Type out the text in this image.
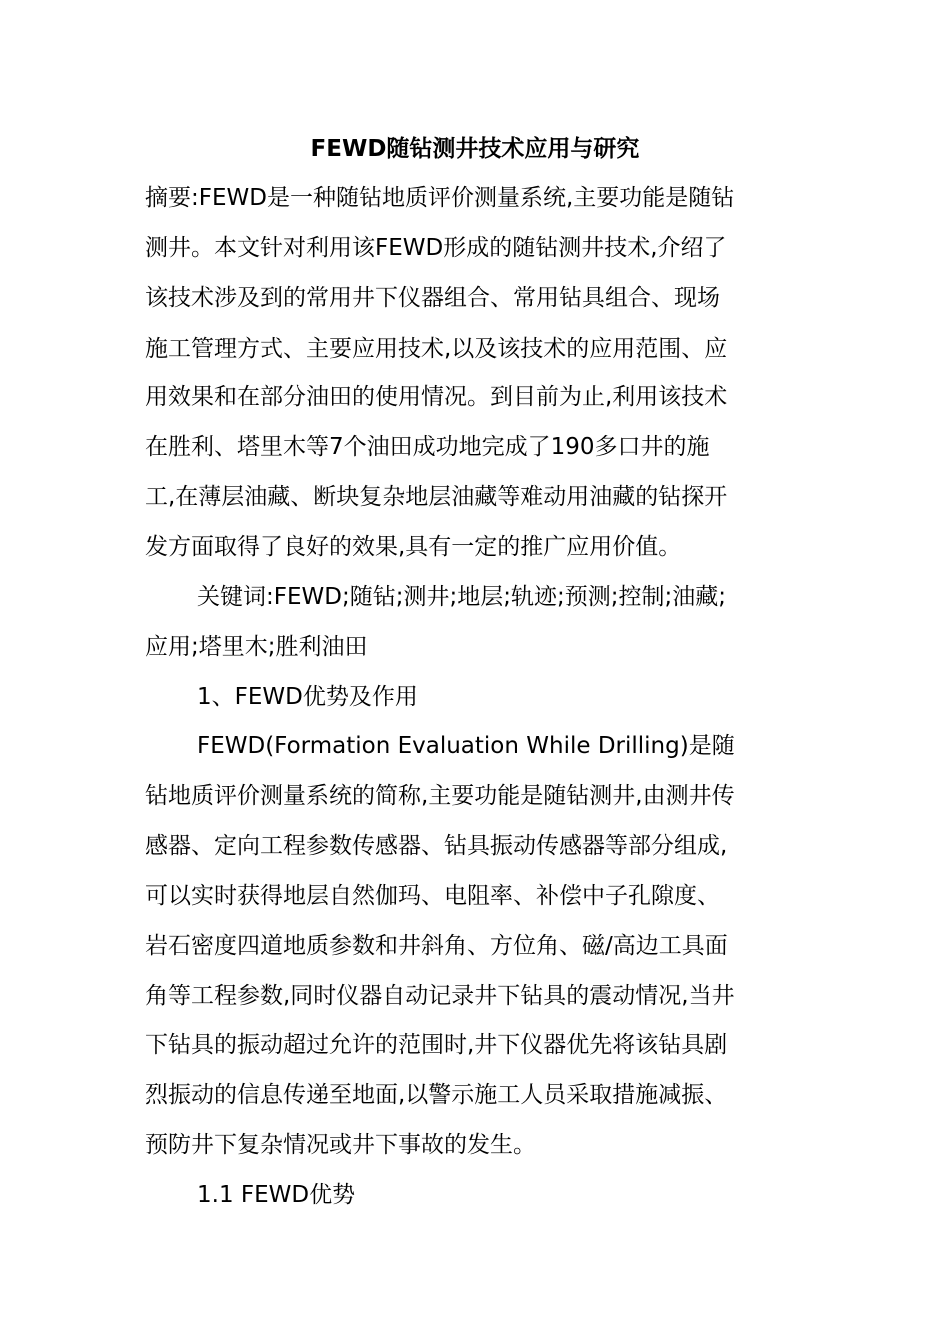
FEWD随钻测井技术应用与研究
摘要:FEWD是一种随钻地质评价测量系统,主要功能是随钻
测井。本文针对利用该FEWD形成的随钻测井技术,介绍了
该技术涉及到的常用井下仪器组合、常用钻具组合、现场
施工管理方式、主要应用技术,以及该技术的应用范围、应
用效果和在部分油田的使用情况。到目前为止,利用该技术
在胜利、塔里木等7个油田成功地完成了190多口井的施
工,在薄层油藏、断块复杂地层油藏等难动用油藏的钻探开
发方面取得了良好的效果,具有一定的推广应用价值。
关键词:FEWD;随钻;测井;地层;轨迹;预测;控制;油藏;
应用;塔里木;胜利油田
1、FEWD优势及作用
FEWD(Formation Evaluation While Drilling)是随
钻地质评价测量系统的简称,主要功能是随钻测井,由测井传
感器、定向工程参数传感器、钻具振动传感器等部分组成,
可以实时获得地层自然伽玛、电阻率、补偿中子孔隙度、
岩石密度四道地质参数和井斜角、方位角、磁/高边工具面
角等工程参数,同时仪器自动记录井下钻具的震动情况,当井
下钻具的振动超过允许的范围时,井下仪器优先将该钻具剧
烈振动的信息传递至地面,以警示施工人员采取措施减振、
预防井下复杂情况或井下事故的发生。
1.1 FEWD优势
